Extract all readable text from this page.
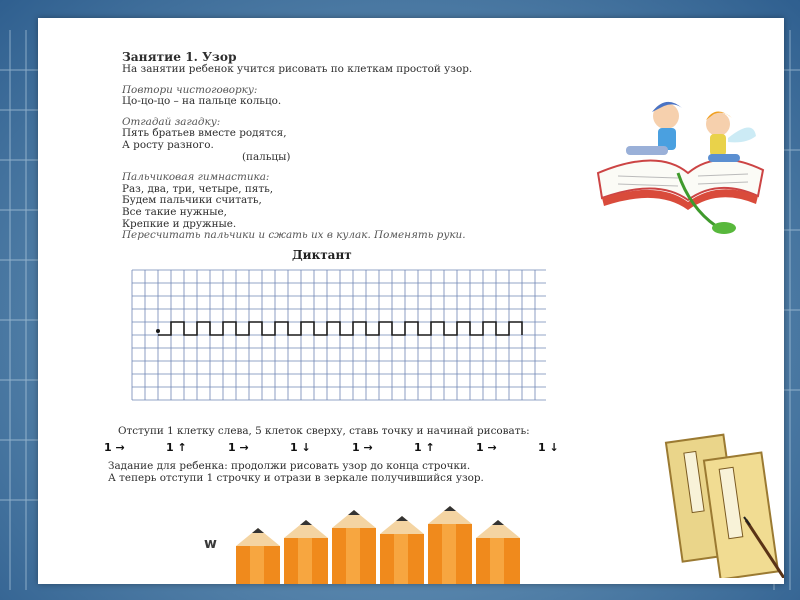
Занятие 1. Узор
На занятии ребенок учится рисовать по клеткам простой узор.
Повтори чистоговорку:
Цо-цо-цо – на пальце кольцо.
Отгадай загадку:
Пять братьев вместе родятся,
А росту разного.
(пальцы)
Пальчиковая гимнастика:
Раз, два, три, четыре, пять,
Будем пальчики считать,
Все такие нужные,
Крепкие и дружные.
Пересчитать пальчики и сжать их в кулак. Поменять руки.
Диктант
Отступи 1 клетку слева, 5 клеток сверху, ставь точку и начинай рисовать:
1 →	1 ↑	1 →	1 ↓	1 →	1 ↑	1 →	1 ↓
Задание для ребенка: продолжи рисовать узор до конца строчки.
А теперь отступи 1 строчку и отрази в зеркале получившийся узор.
w
